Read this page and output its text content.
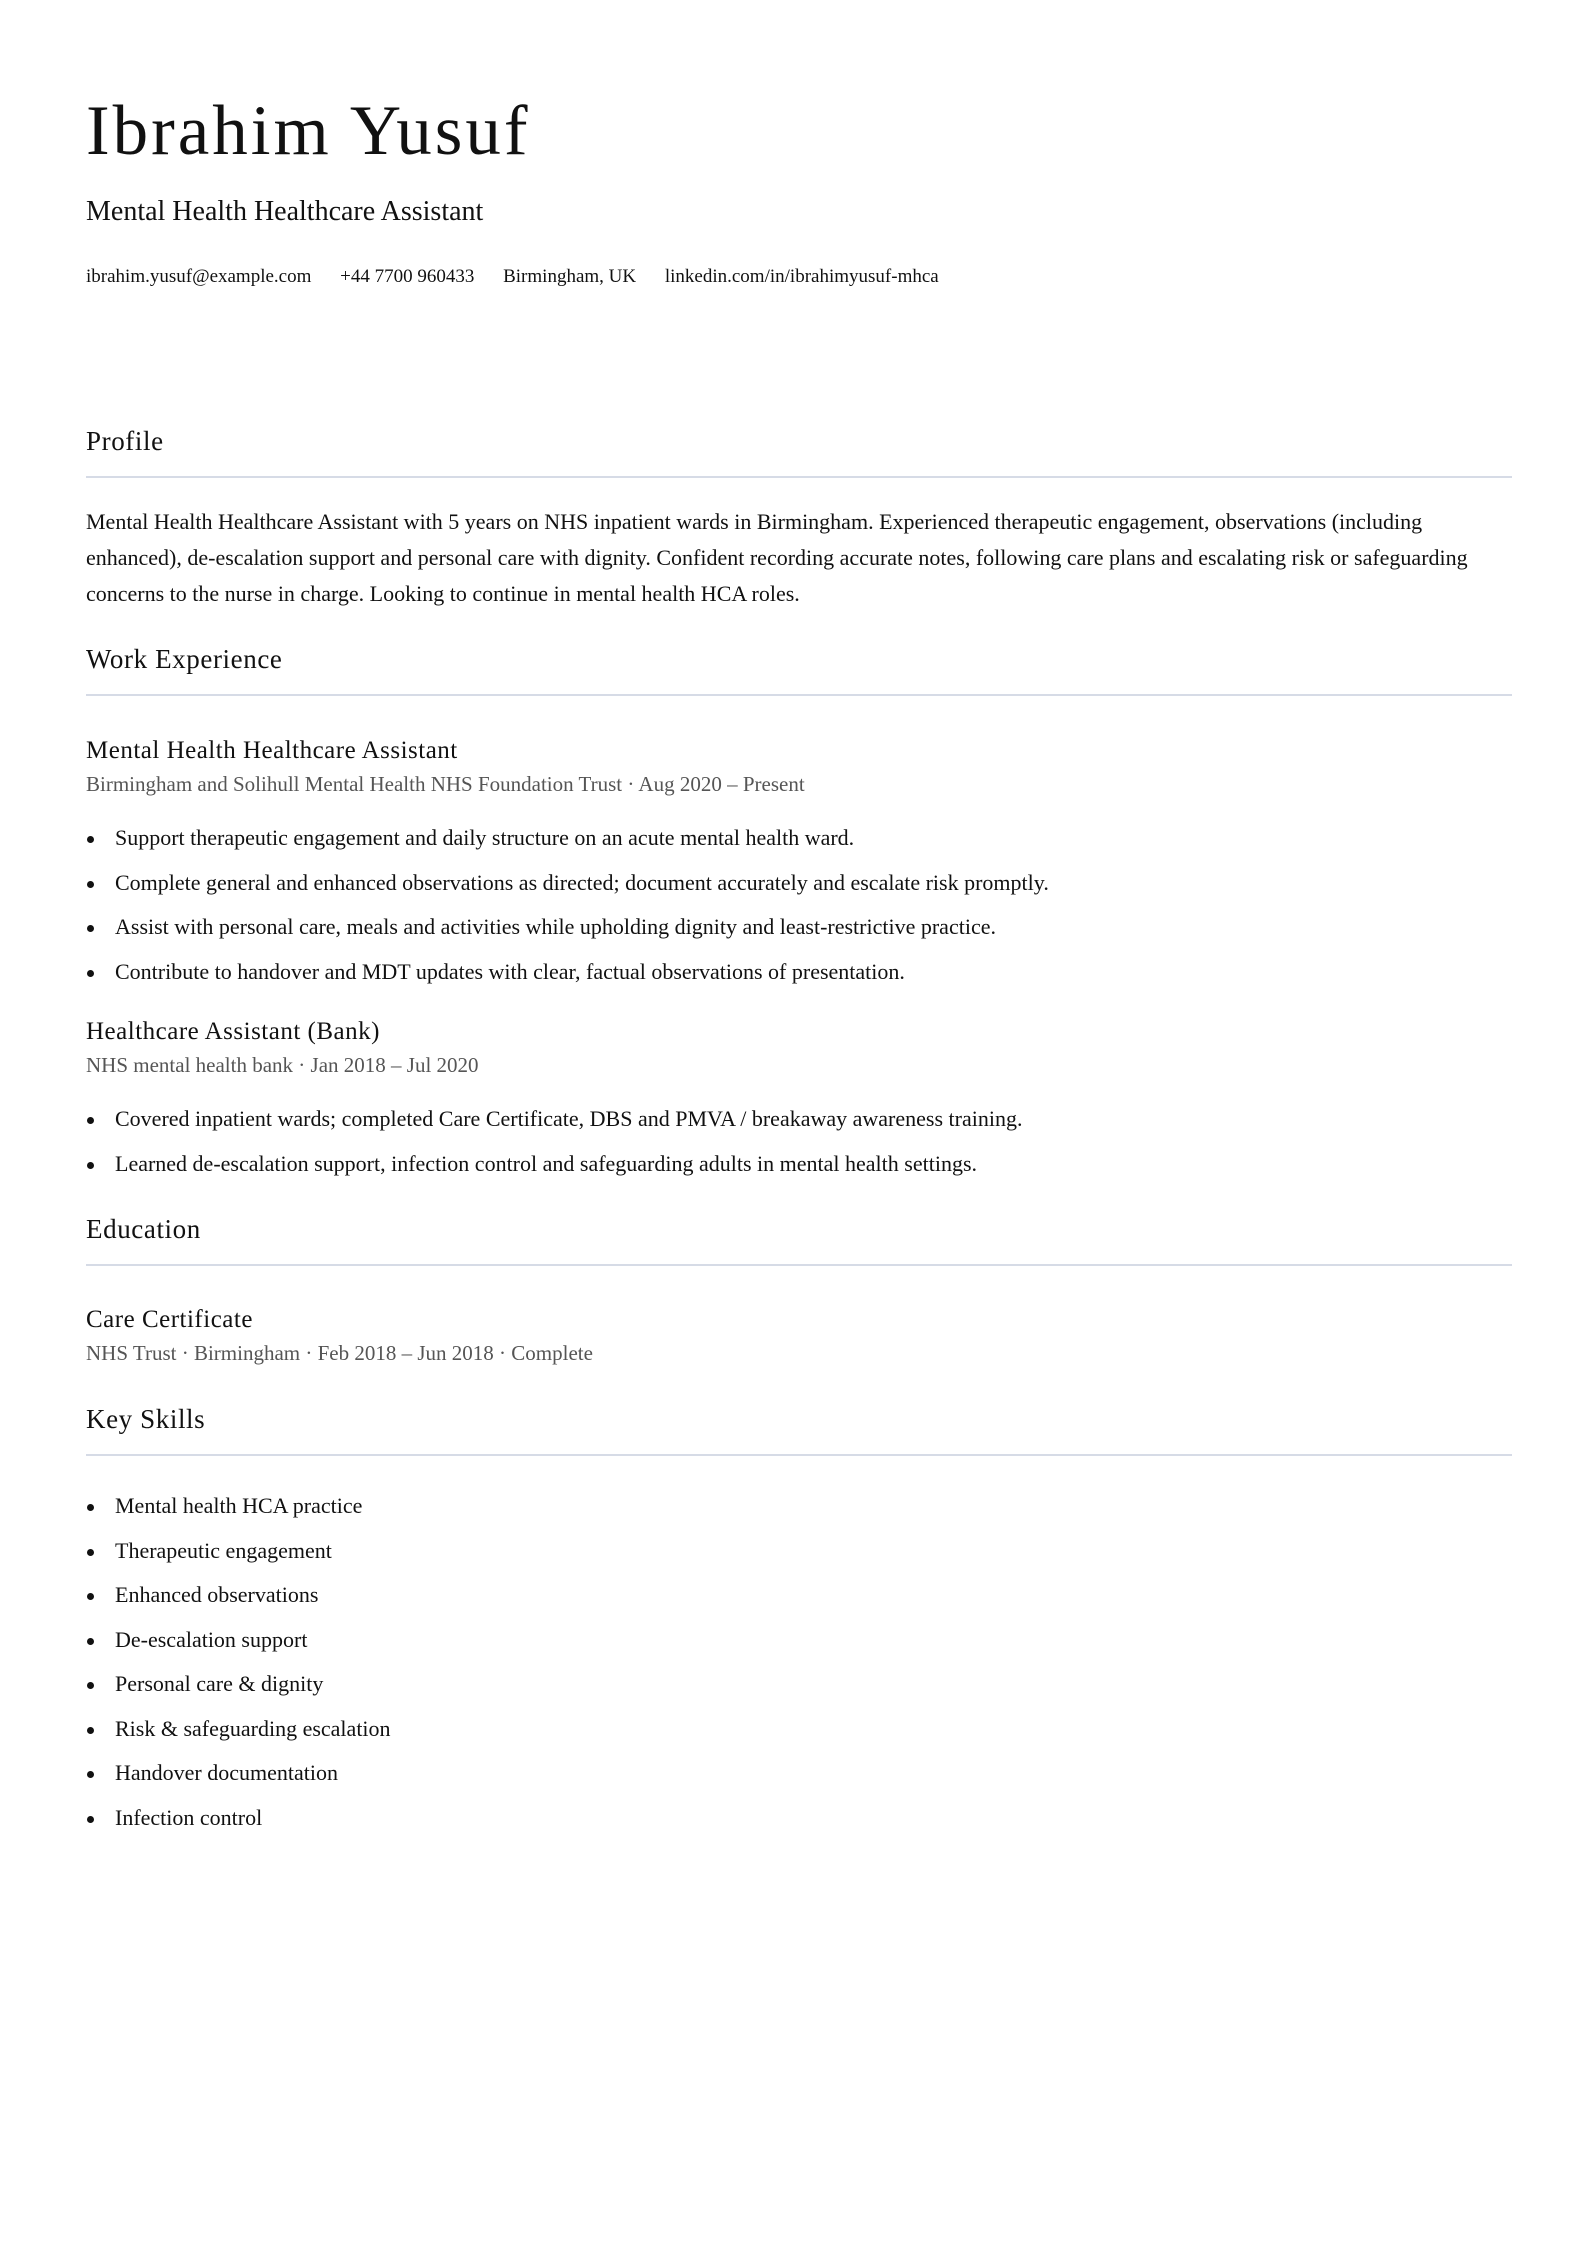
Ibrahim Yusuf
Mental Health Healthcare Assistant
ibrahim.yusuf@example.com +44 7700 960433 Birmingham, UK linkedin.com/in/ibrahimyusuf-mhca
Profile
Mental Health Healthcare Assistant with 5 years on NHS inpatient wards in Birmingham. Experienced therapeutic engagement, observations (including enhanced), de-escalation support and personal care with dignity. Confident recording accurate notes, following care plans and escalating risk or safeguarding concerns to the nurse in charge. Looking to continue in mental health HCA roles.
Work Experience
Mental Health Healthcare Assistant
Birmingham and Solihull Mental Health NHS Foundation Trust · Aug 2020 – Present
Support therapeutic engagement and daily structure on an acute mental health ward.
Complete general and enhanced observations as directed; document accurately and escalate risk promptly.
Assist with personal care, meals and activities while upholding dignity and least-restrictive practice.
Contribute to handover and MDT updates with clear, factual observations of presentation.
Healthcare Assistant (Bank)
NHS mental health bank · Jan 2018 – Jul 2020
Covered inpatient wards; completed Care Certificate, DBS and PMVA / breakaway awareness training.
Learned de-escalation support, infection control and safeguarding adults in mental health settings.
Education
Care Certificate
NHS Trust · Birmingham · Feb 2018 – Jun 2018 · Complete
Key Skills
Mental health HCA practice
Therapeutic engagement
Enhanced observations
De-escalation support
Personal care & dignity
Risk & safeguarding escalation
Handover documentation
Infection control
